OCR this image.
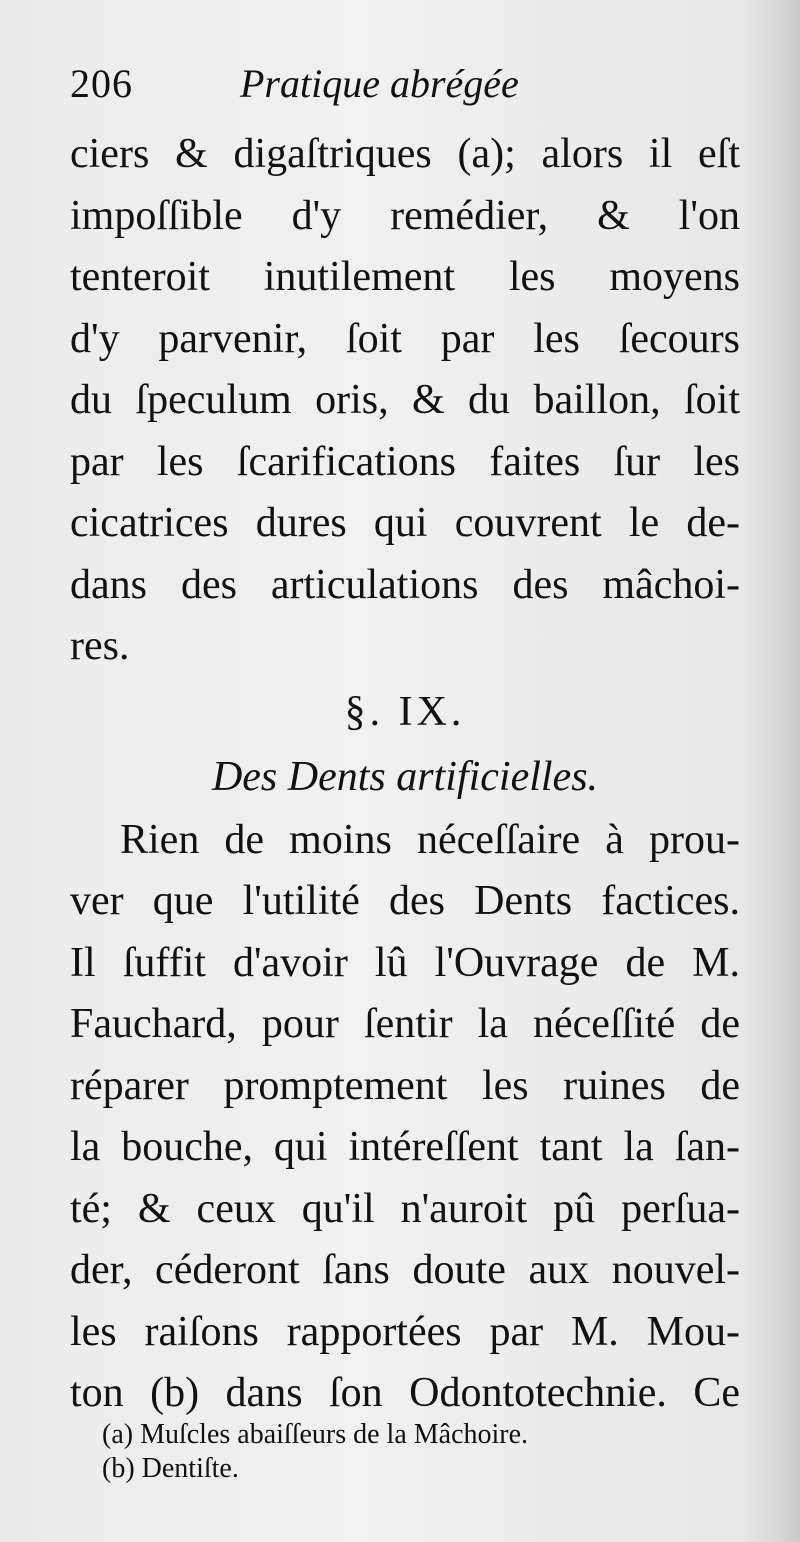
206	Pratique abrégée
ciers & digaſtriques (a); alors il eſt
impoſſible d'y remédier, & l'on
tenteroit inutilement les moyens
d'y parvenir, ſoit par les ſecours
du ſpeculum oris, & du baillon, ſoit
par les ſcarifications faites ſur les
cicatrices dures qui couvrent le de-
dans des articulations des mâchoi-
res.
§. IX.
Des Dents artificielles.
Rien de moins néceſſaire à prou-
ver que l'utilité des Dents factices.
Il ſuffit d'avoir lû l'Ouvrage de M.
Fauchard, pour ſentir la néceſſité de
réparer promptement les ruines de
la bouche, qui intéreſſent tant la ſan-
té; & ceux qu'il n'auroit pû perſua-
der, céderont ſans doute aux nouvel-
les raiſons rapportées par M. Mou-
ton (b) dans ſon Odontotechnie. Ce
(a) Muſcles abaiſſeurs de la Mâchoire.
(b) Dentiſte.
